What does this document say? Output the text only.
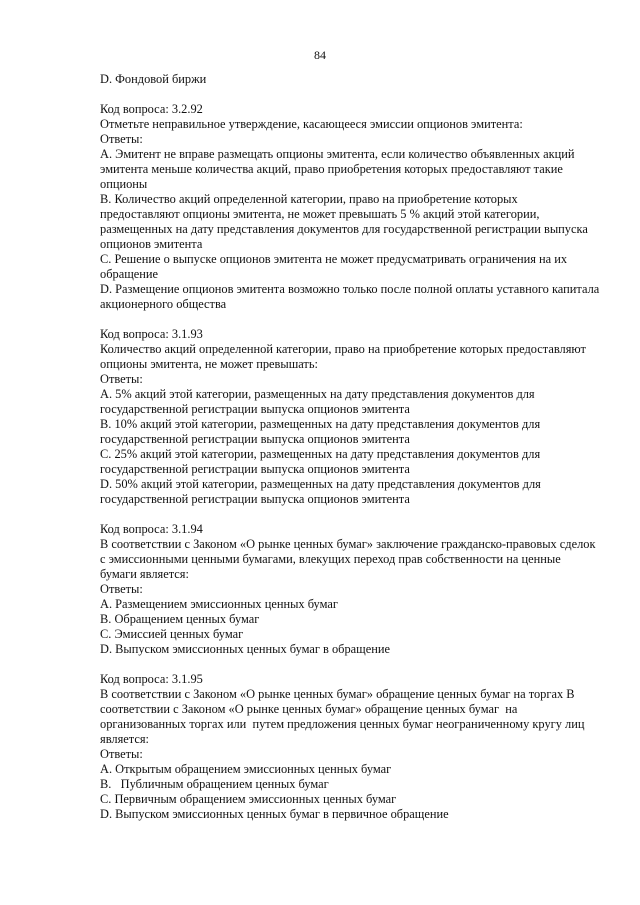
84
D. Фондовой биржи
Код вопроса: 3.2.92
Отметьте неправильное утверждение, касающееся эмиссии опционов эмитента:
Ответы:
A. Эмитент не вправе размещать опционы эмитента, если количество объявленных акций
эмитента меньше количества акций, право приобретения которых предоставляют такие
опционы
B. Количество акций определенной категории, право на приобретение которых
предоставляют опционы эмитента, не может превышать 5 % акций этой категории,
размещенных на дату представления документов для государственной регистрации выпуска
опционов эмитента
C. Решение о выпуске опционов эмитента не может предусматривать ограничения на их
обращение
D. Размещение опционов эмитента возможно только после полной оплаты уставного капитала
акционерного общества
Код вопроса: 3.1.93
Количество акций определенной категории, право на приобретение которых предоставляют
опционы эмитента, не может превышать:
Ответы:
A. 5% акций этой категории, размещенных на дату представления документов для
государственной регистрации выпуска опционов эмитента
B. 10% акций этой категории, размещенных на дату представления документов для
государственной регистрации выпуска опционов эмитента
C. 25% акций этой категории, размещенных на дату представления документов для
государственной регистрации выпуска опционов эмитента
D. 50% акций этой категории, размещенных на дату представления документов для
государственной регистрации выпуска опционов эмитента
Код вопроса: 3.1.94
В соответствии с Законом «О рынке ценных бумаг» заключение гражданско-правовых сделок
с эмиссионными ценными бумагами, влекущих переход прав собственности на ценные
бумаги является:
Ответы:
A. Размещением эмиссионных ценных бумаг
B. Обращением ценных бумаг
C. Эмиссией ценных бумаг
D. Выпуском эмиссионных ценных бумаг в обращение
Код вопроса: 3.1.95
В соответствии с Законом «О рынке ценных бумаг» обращение ценных бумаг на торгах В
соответствии с Законом «О рынке ценных бумаг» обращение ценных бумаг  на
организованных торгах или  путем предложения ценных бумаг неограниченному кругу лиц
является:
Ответы:
A. Открытым обращением эмиссионных ценных бумаг
B.   Публичным обращением ценных бумаг
C. Первичным обращением эмиссионных ценных бумаг
D. Выпуском эмиссионных ценных бумаг в первичное обращение
